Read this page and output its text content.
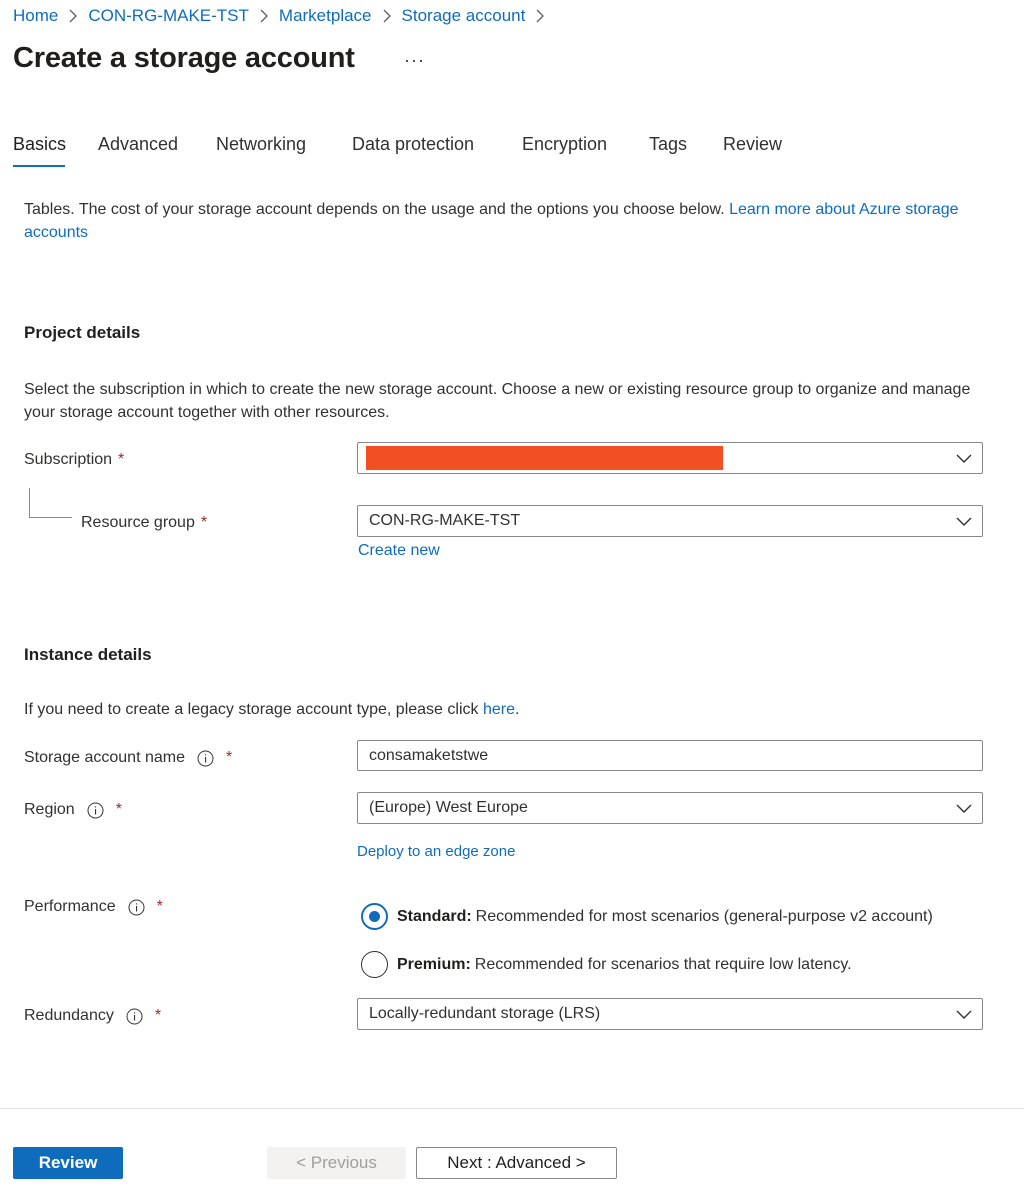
Home CON-RG-MAKE-TST Marketplace Storage account
Create a storage account	···
Basics Advanced Networking	Data protection	Encryption Tags Review

Tables. The cost of your storage account depends on the usage and the options you choose below. Learn more about Azure storage accounts

Project details

Select the subscription in which to create the new storage account. Choose a new or existing resource group to organize and manage your storage account together with other resources.

Subscription *
Resource group *	CON-RG-MAKE-TST
Create new
Instance details

If you need to create a legacy storage account type, please click here.

Storage account name	*	consamaketstwe
Region	*	(Europe) West Europe
Deploy to an edge zone
Performance	*
Standard: Recommended for most scenarios (general-purpose v2 account)
Premium: Recommended for scenarios that require low latency.
Redundancy	*	Locally-redundant storage (LRS)
Review	< Previous	Next : Advanced >
